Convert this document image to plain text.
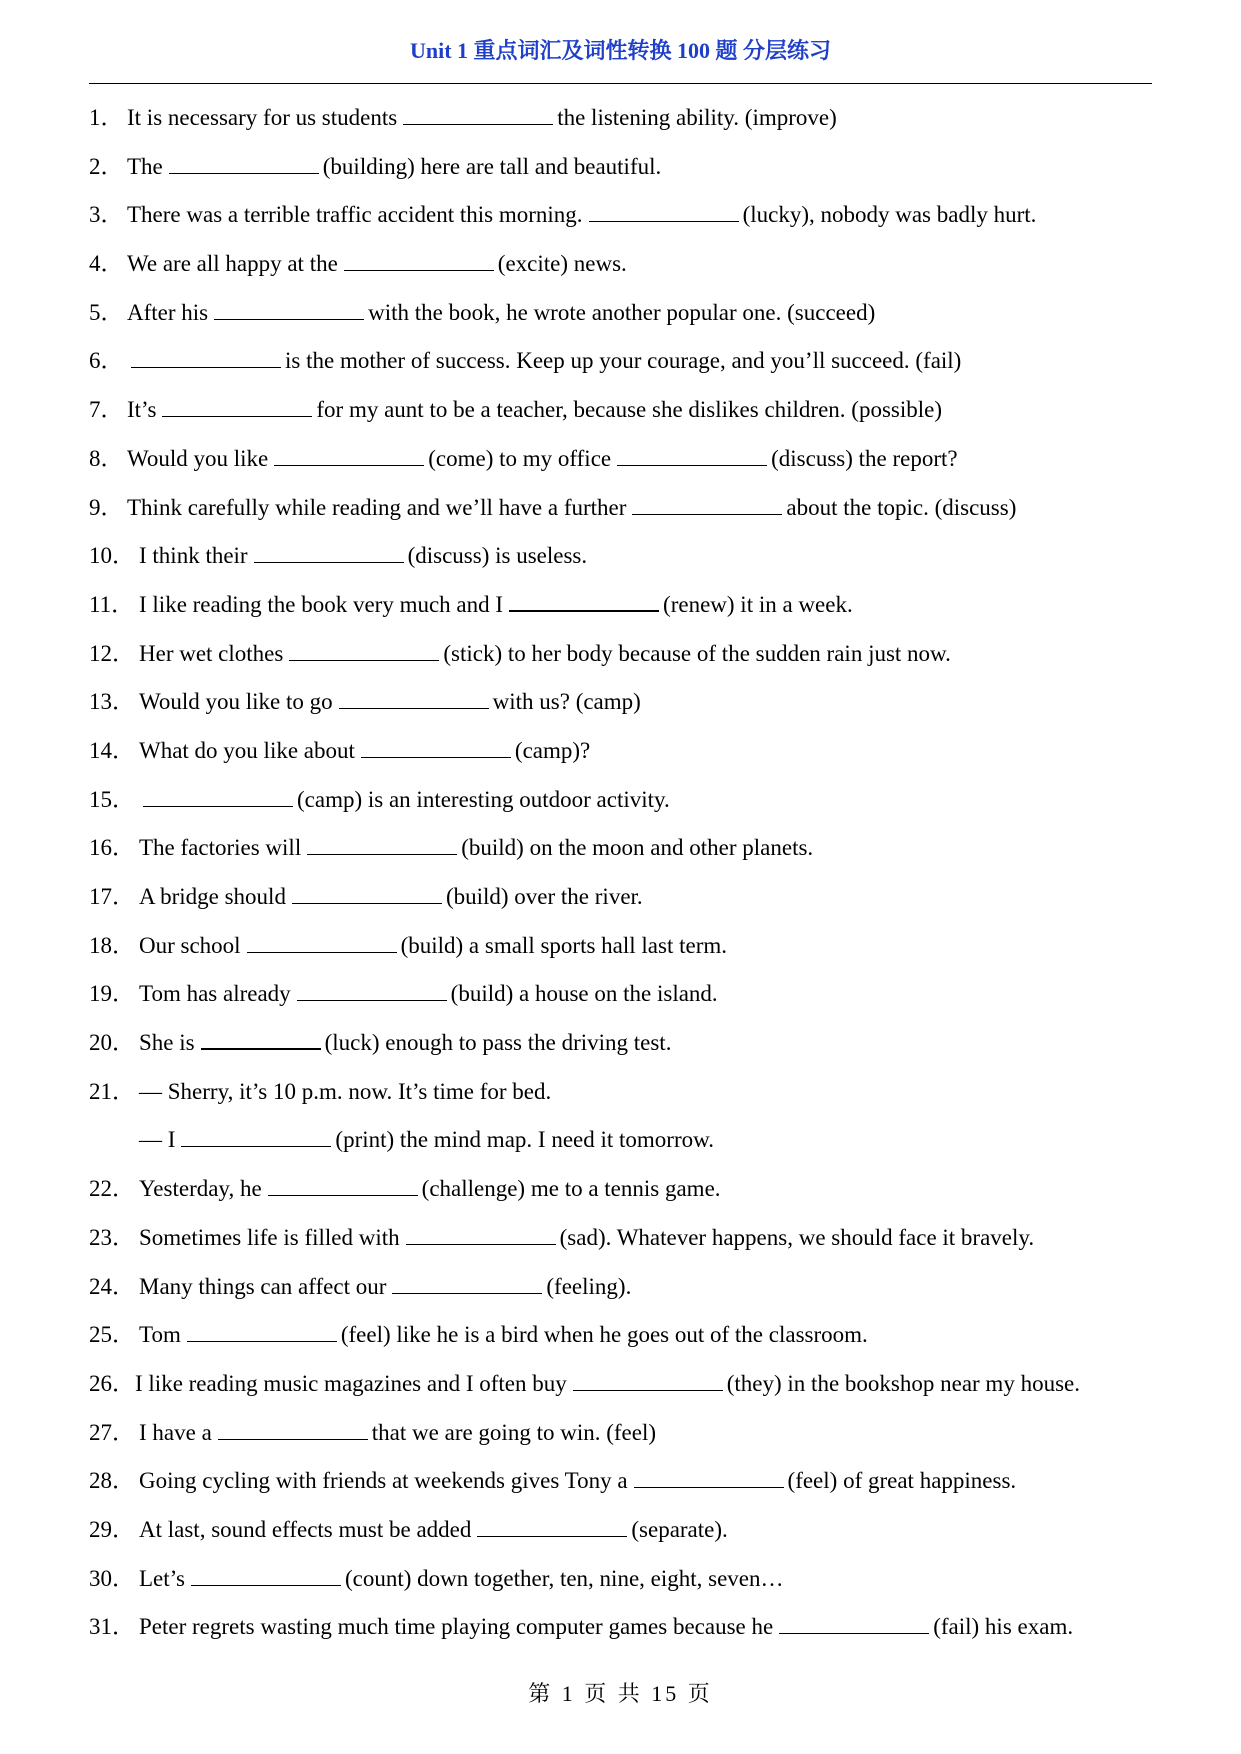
Unit 1 重点词汇及词性转换 100 题 分层练习
1． It is necessary for us students	the listening ability. (improve)
2． The	(building) here are tall and beautiful.
3． There was a terrible traffic accident this morning.	(lucky), nobody was badly hurt.
4． We are all happy at the	(excite) news.
5． After his	with the book, he wrote another popular one. (succeed)
6．	is the mother of success. Keep up your courage, and you’ll succeed. (fail)
7． It’s	for my aunt to be a teacher, because she dislikes children. (possible)
8． Would you like	(come) to my office	(discuss) the report?
9． Think carefully while reading and we’ll have a further	about the topic. (discuss)
10． I think their	(discuss) is useless.
11． I like reading the book very much and I	(renew) it in a week.
12． Her wet clothes	(stick) to her body because of the sudden rain just now.
13． Would you like to go	with us? (camp)
14． What do you like about	(camp)?
15．	(camp) is an interesting outdoor activity.
16． The factories will	(build) on the moon and other planets.
17． A bridge should	(build) over the river.
18． Our school	(build) a small sports hall last term.
19． Tom has already	(build) a house on the island.
20． She is	(luck) enough to pass the driving test.
21． — Sherry, it’s 10 p.m. now. It’s time for bed.
— I	(print) the mind map. I need it tomorrow.
22． Yesterday, he	(challenge) me to a tennis game.
23． Sometimes life is filled with	(sad). Whatever happens, we should face it bravely.
24． Many things can affect our	(feeling).
25． Tom	(feel) like he is a bird when he goes out of the classroom.
26．I like reading music magazines and I often buy	(they) in the bookshop near my house.
27． I have a	that we are going to win. (feel)
28． Going cycling with friends at weekends gives Tony a	(feel) of great happiness.
29． At last, sound effects must be added	(separate).
30． Let’s	(count) down together, ten, nine, eight, seven…
31． Peter regrets wasting much time playing computer games because he	(fail) his exam.
第 1 页 共 15 页
